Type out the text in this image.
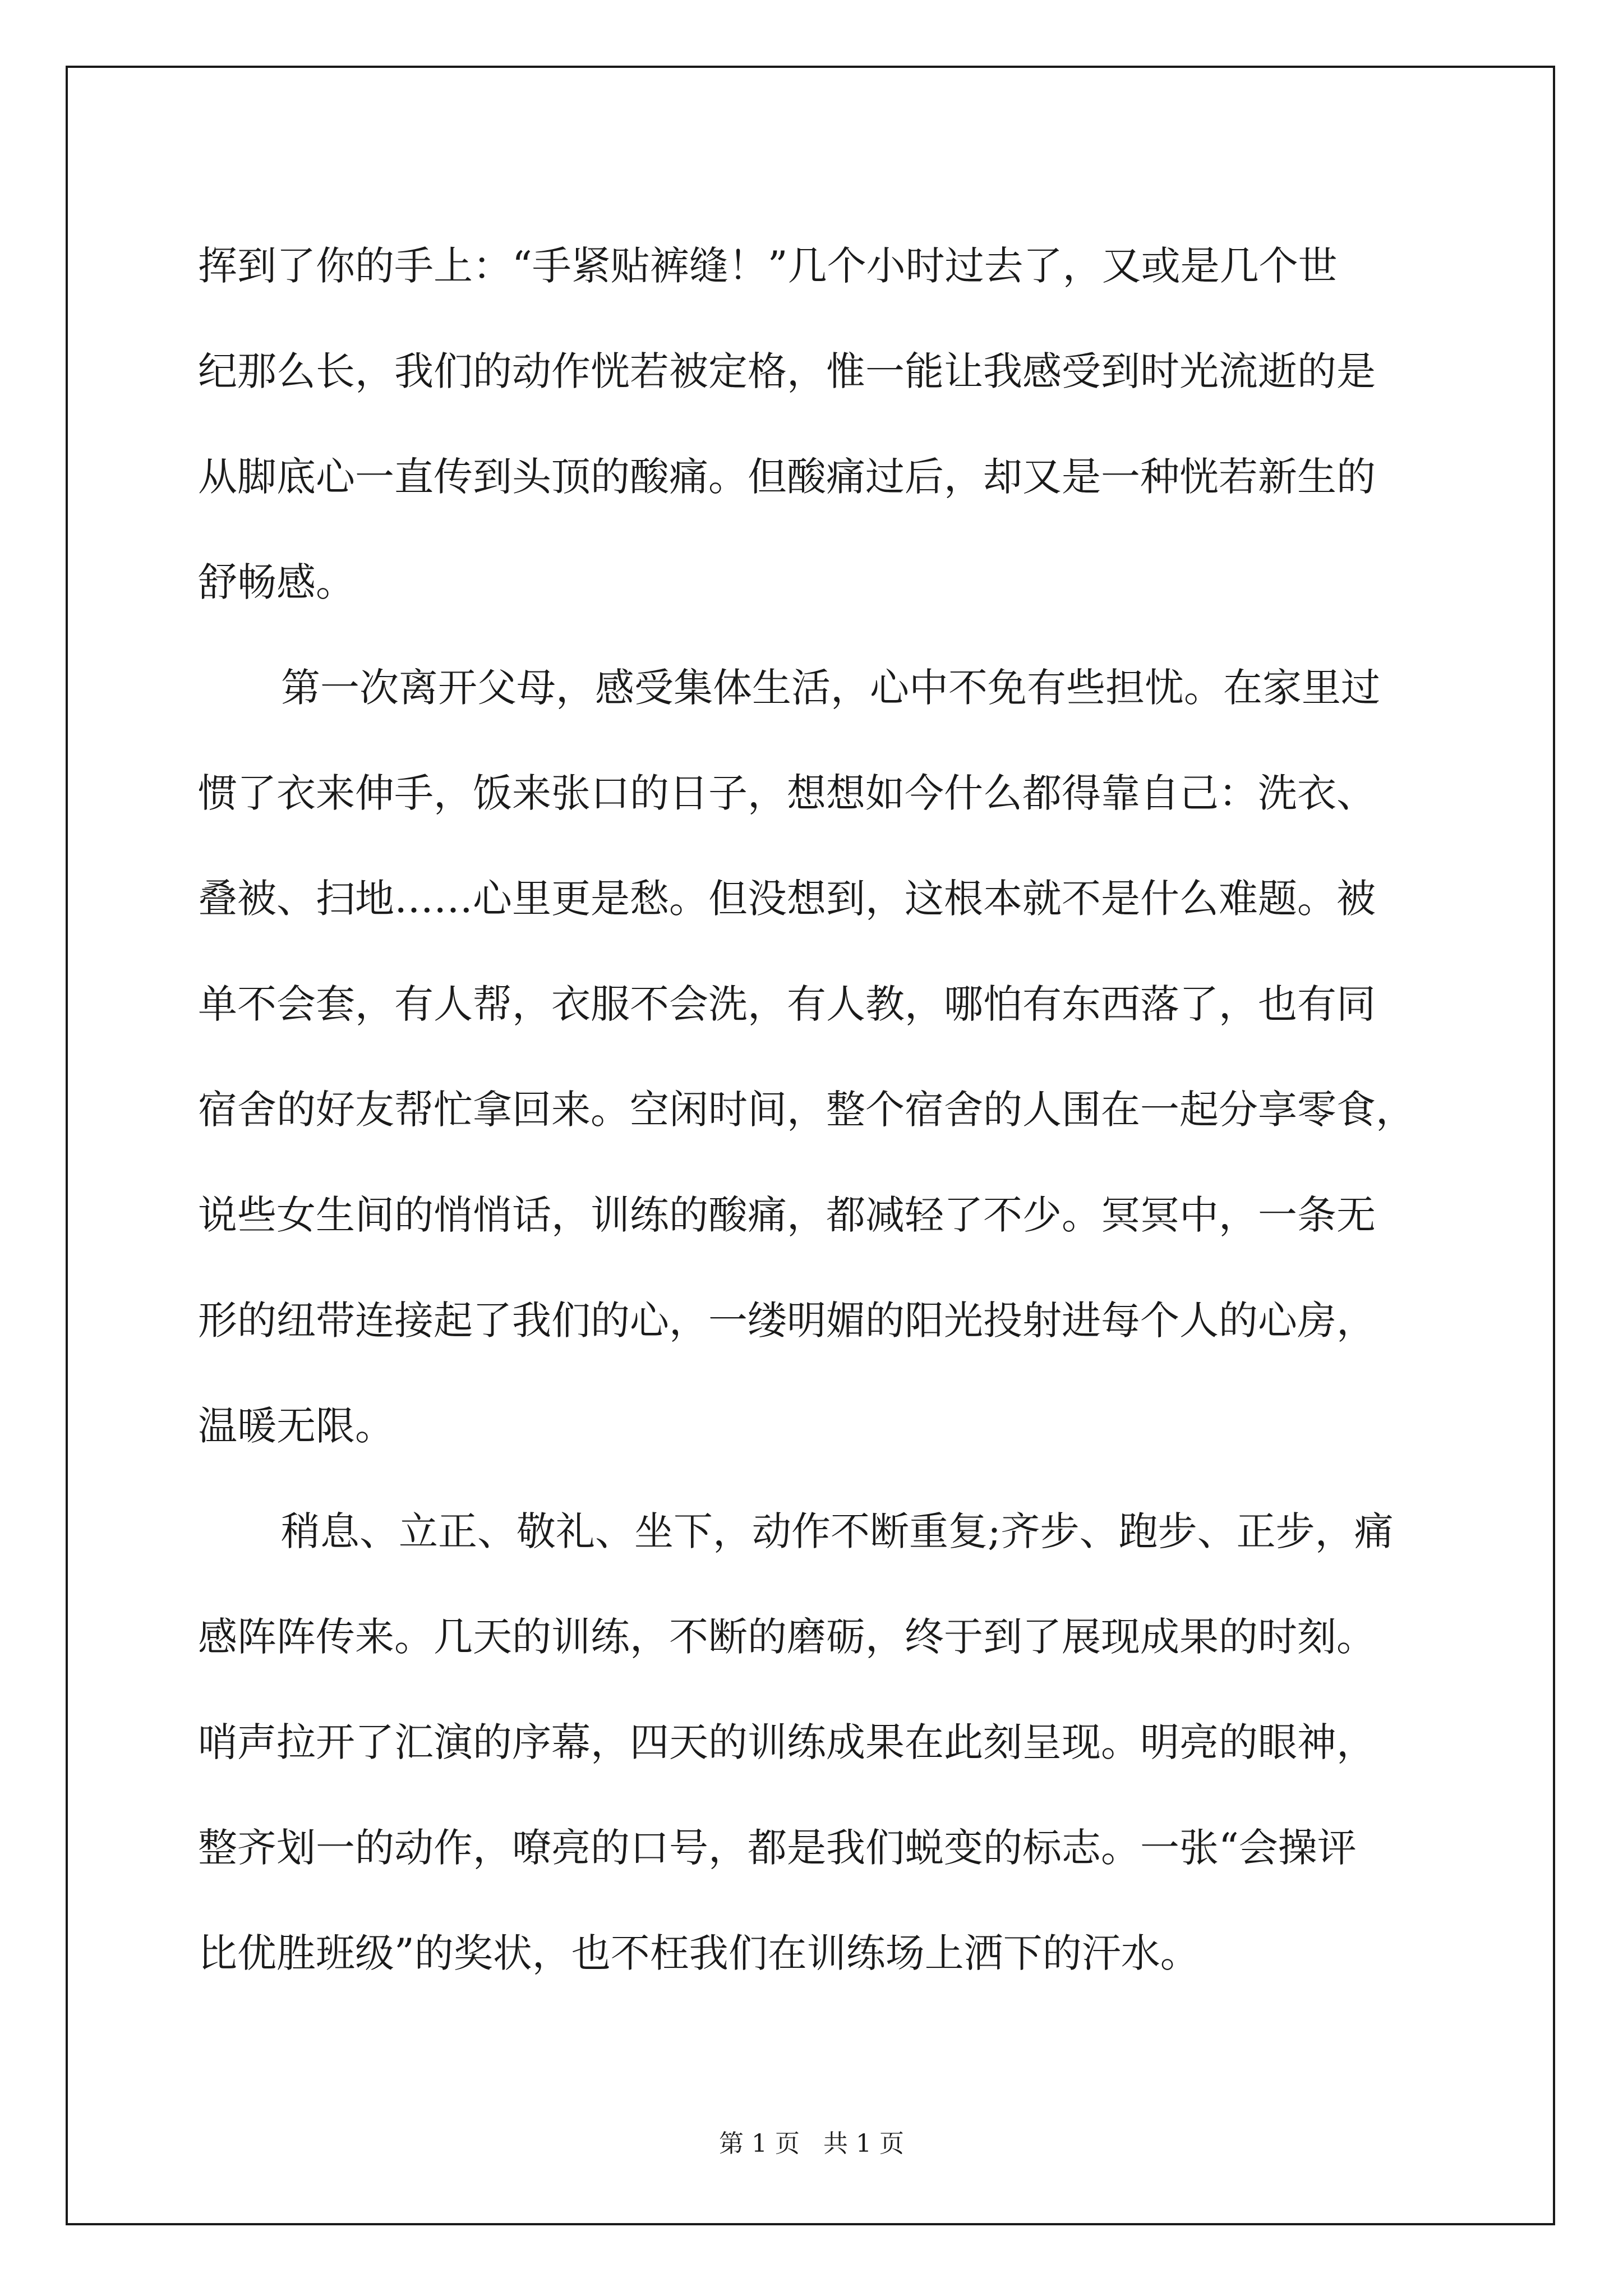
挥到了你的手上：“手紧贴裤缝！”几个小时过去了，又或是几个世
纪那么长，我们的动作恍若被定格，惟一能让我感受到时光流逝的是
从脚底心一直传到头顶的酸痛。但酸痛过后，却又是一种恍若新生的
舒畅感。

第一次离开父母，感受集体生活，心中不免有些担忧。在家里过
惯了衣来伸手，饭来张口的日子，想想如今什么都得靠自己：洗衣、
叠被、扫地……心里更是愁。但没想到，这根本就不是什么难题。被
单不会套，有人帮，衣服不会洗，有人教，哪怕有东西落了，也有同
宿舍的好友帮忙拿回来。空闲时间，整个宿舍的人围在一起分享零食，
说些女生间的悄悄话，训练的酸痛，都减轻了不少。冥冥中，一条无
形的纽带连接起了我们的心，一缕明媚的阳光投射进每个人的心房，
温暖无限。

稍息、立正、敬礼、坐下，动作不断重复;齐步、跑步、正步，痛
感阵阵传来。几天的训练，不断的磨砺，终于到了展现成果的时刻。
哨声拉开了汇演的序幕，四天的训练成果在此刻呈现。明亮的眼神，
整齐划一的动作，嘹亮的口号，都是我们蜕变的标志。一张“会操评
比优胜班级”的奖状，也不枉我们在训练场上洒下的汗水。

第 1 页   共 1 页
